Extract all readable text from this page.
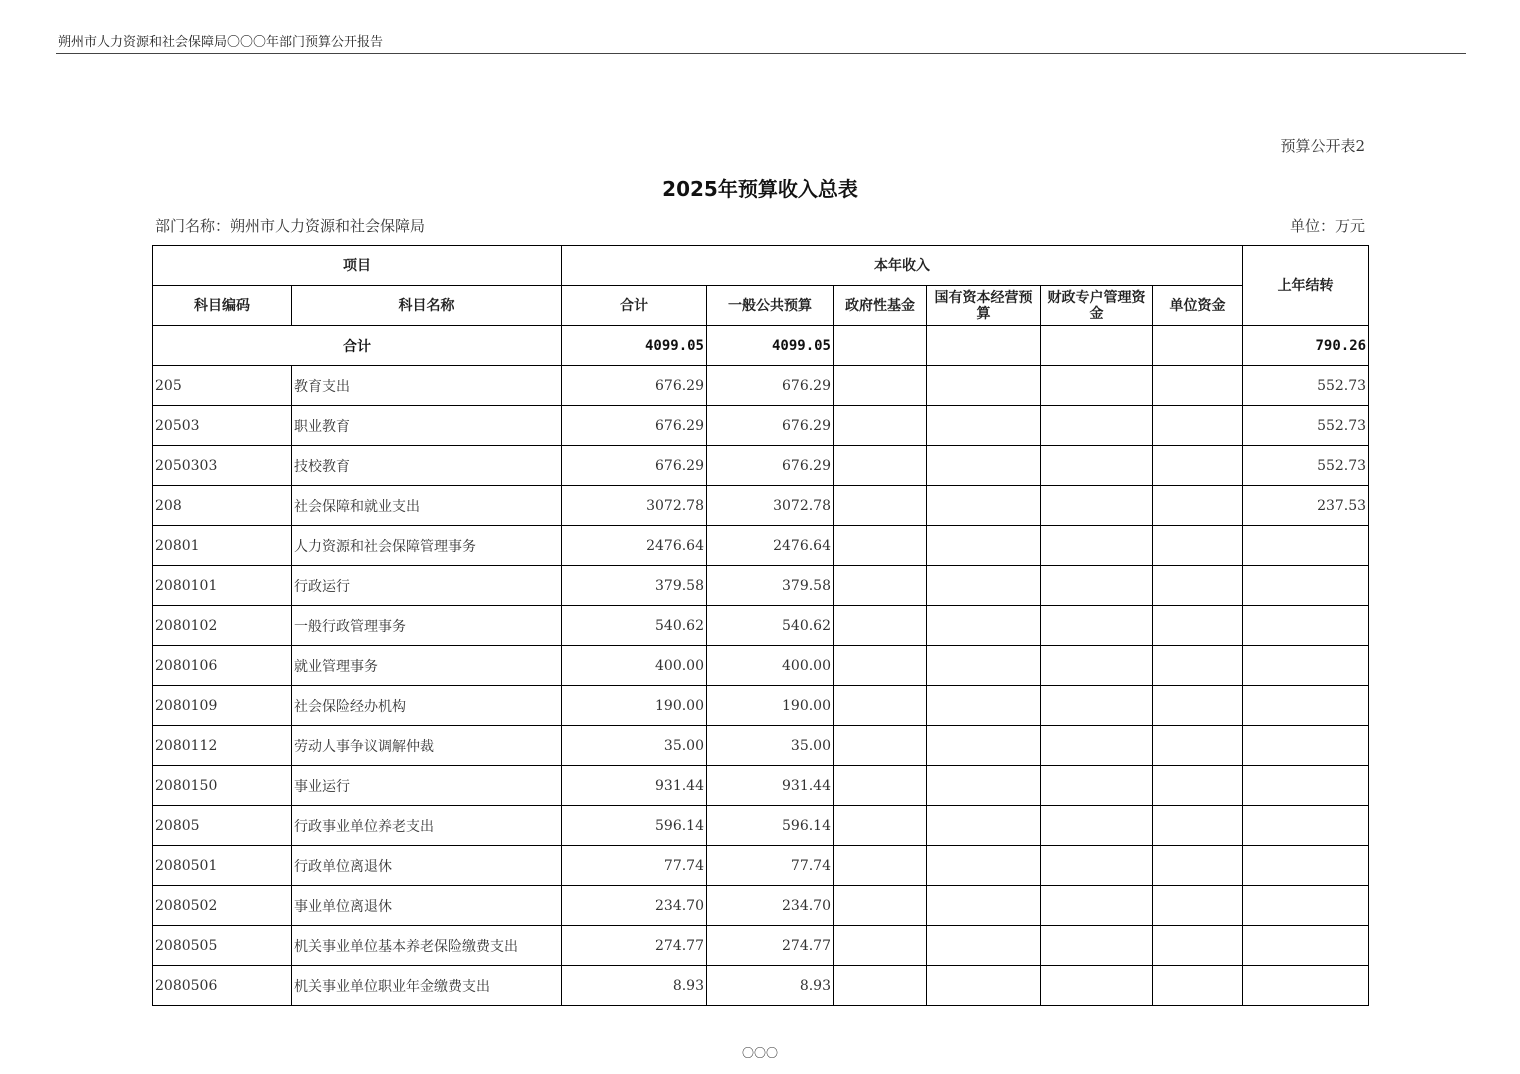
朔州市人力资源和社会保障局〇〇〇年部门预算公开报告
预算公开表2
2025年预算收入总表
部门名称：朔州市人力资源和社会保障局	单位：万元
项目		本年收入						上年结转
科目编码	科目名称	合计	一般公共预算	政府性基金	国有资本经营预算	财政专户管理资金	单位资金	
合计		4099.05	4099.05					790.26
205	教育支出	676.29	676.29					552.73
20503	职业教育	676.29	676.29					552.73
2050303	技校教育	676.29	676.29					552.73
208	社会保障和就业支出	3072.78	3072.78					237.53
20801	人力资源和社会保障管理事务	2476.64	2476.64					
2080101	行政运行	379.58	379.58					
2080102	一般行政管理事务	540.62	540.62					
2080106	就业管理事务	400.00	400.00					
2080109	社会保险经办机构	190.00	190.00					
2080112	劳动人事争议调解仲裁	35.00	35.00					
2080150	事业运行	931.44	931.44					
20805	行政事业单位养老支出	596.14	596.14					
2080501	行政单位离退休	77.74	77.74					
2080502	事业单位离退休	234.70	234.70					
2080505	机关事业单位基本养老保险缴费支出	274.77	274.77					
2080506	机关事业单位职业年金缴费支出	8.93	8.93					
〇〇〇
